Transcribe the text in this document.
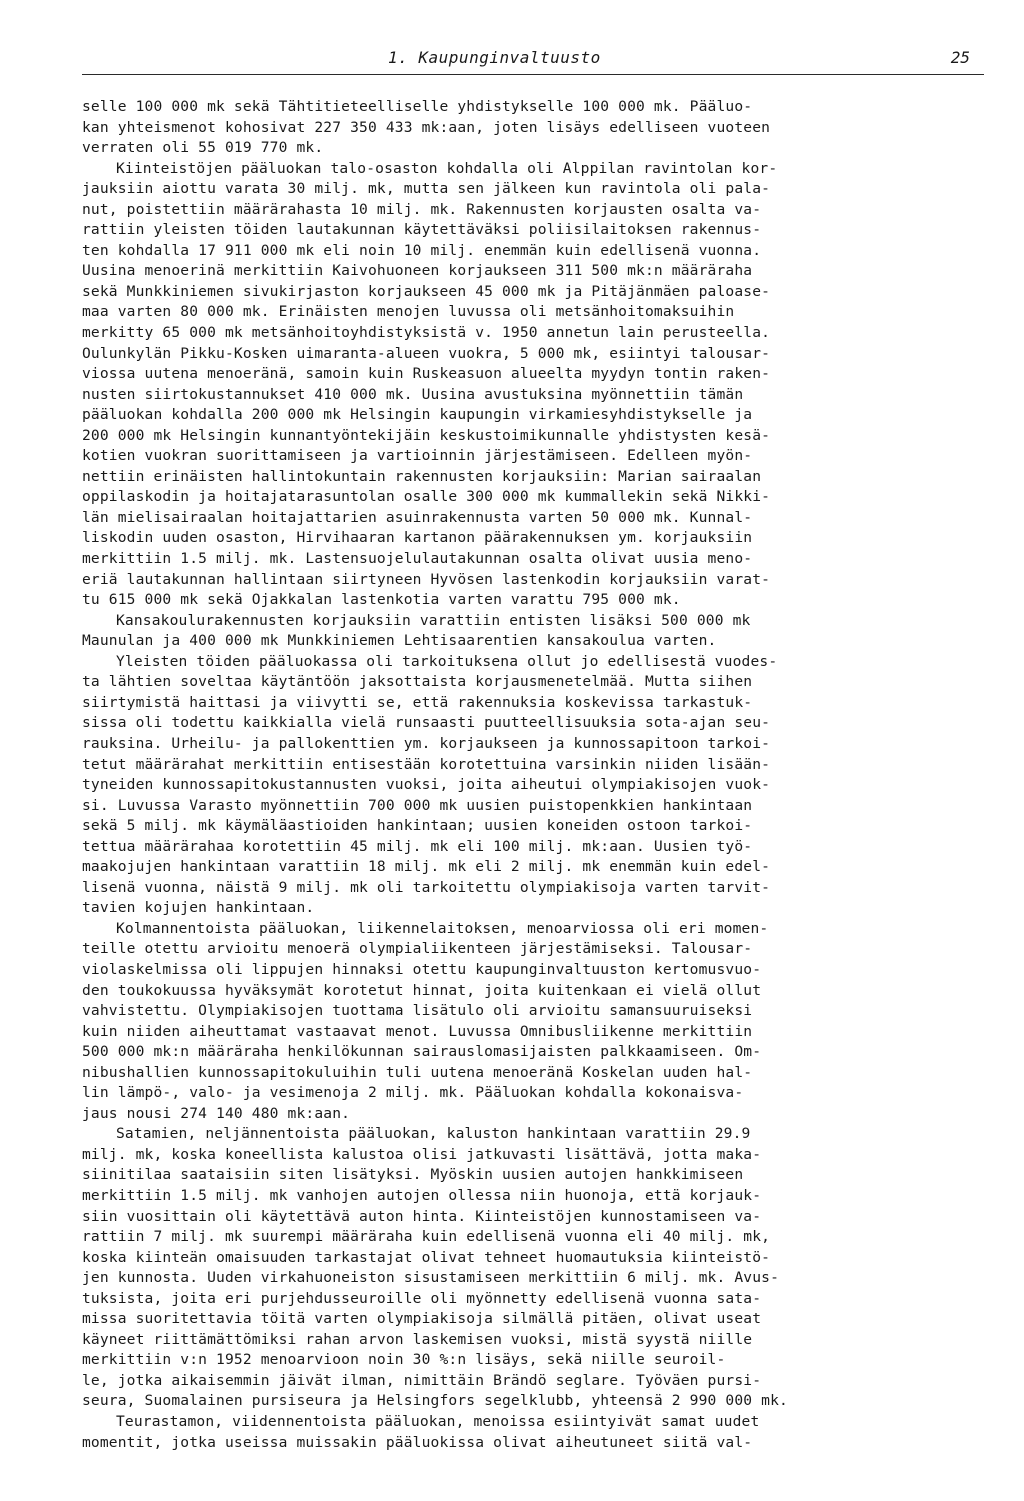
1. Kaupunginvaltuusto	25

selle 100 000 mk sekä Tähtitieteelliselle yhdistykselle 100 000 mk. Pääluo-
kan yhteismenot kohosivat 227 350 433 mk:aan, joten lisäys edelliseen vuoteen
verraten oli 55 019 770 mk.

Kiinteistöjen pääluokan talo-osaston kohdalla oli Alppilan ravintolan kor-
jauksiin aiottu varata 30 milj. mk, mutta sen jälkeen kun ravintola oli pala-
nut, poistettiin määrärahasta 10 milj. mk. Rakennusten korjausten osalta va-
rattiin yleisten töiden lautakunnan käytettäväksi poliisilaitoksen rakennus-
ten kohdalla 17 911 000 mk eli noin 10 milj. enemmän kuin edellisenä vuonna.
Uusina menoerinä merkittiin Kaivohuoneen korjaukseen 311 500 mk:n määräraha
sekä Munkkiniemen sivukirjaston korjaukseen 45 000 mk ja Pitäjänmäen paloase-
maa varten 80 000 mk. Erinäisten menojen luvussa oli metsänhoitomaksuihin
merkitty 65 000 mk metsänhoitoyhdistyksistä v. 1950 annetun lain perusteella.
Oulunkylän Pikku-Kosken uimaranta-alueen vuokra, 5 000 mk, esiintyi talousar-
viossa uutena menoeränä, samoin kuin Ruskeasuon alueelta myydyn tontin raken-
nusten siirtokustannukset 410 000 mk. Uusina avustuksina myönnettiin tämän
pääluokan kohdalla 200 000 mk Helsingin kaupungin virkamiesyhdistykselle ja
200 000 mk Helsingin kunnantyöntekijäin keskustoimikunnalle yhdistysten kesä-
kotien vuokran suorittamiseen ja vartioinnin järjestämiseen. Edelleen myön-
nettiin erinäisten hallintokuntain rakennusten korjauksiin: Marian sairaalan
oppilaskodin ja hoitajatarasuntolan osalle 300 000 mk kummallekin sekä Nikki-
län mielisairaalan hoitajattarien asuinrakennusta varten 50 000 mk. Kunnal-
liskodin uuden osaston, Hirvihaaran kartanon päärakennuksen ym. korjauksiin
merkittiin 1.5 milj. mk. Lastensuojelulautakunnan osalta olivat uusia meno-
eriä lautakunnan hallintaan siirtyneen Hyvösen lastenkodin korjauksiin varat-
tu 615 000 mk sekä Ojakkalan lastenkotia varten varattu 795 000 mk.

Kansakoulurakennusten korjauksiin varattiin entisten lisäksi 500 000 mk
Maunulan ja 400 000 mk Munkkiniemen Lehtisaarentien kansakoulua varten.

Yleisten töiden pääluokassa oli tarkoituksena ollut jo edellisestä vuodes-
ta lähtien soveltaa käytäntöön jaksottaista korjausmenetelmää. Mutta siihen
siirtymistä haittasi ja viivytti se, että rakennuksia koskevissa tarkastuk-
sissa oli todettu kaikkialla vielä runsaasti puutteellisuuksia sota-ajan seu-
rauksina. Urheilu- ja pallokenttien ym. korjaukseen ja kunnossapitoon tarkoi-
tetut määrärahat merkittiin entisestään korotettuina varsinkin niiden lisään-
tyneiden kunnossapitokustannusten vuoksi, joita aiheutui olympiakisojen vuok-
si. Luvussa Varasto myönnettiin 700 000 mk uusien puistopenkkien hankintaan
sekä 5 milj. mk käymäläastioiden hankintaan; uusien koneiden ostoon tarkoi-
tettua määrärahaa korotettiin 45 milj. mk eli 100 milj. mk:aan. Uusien työ-
maakojujen hankintaan varattiin 18 milj. mk eli 2 milj. mk enemmän kuin edel-
lisenä vuonna, näistä 9 milj. mk oli tarkoitettu olympiakisoja varten tarvit-
tavien kojujen hankintaan.

Kolmannentoista pääluokan, liikennelaitoksen, menoarviossa oli eri momen-
teille otettu arvioitu menoerä olympialiikenteen järjestämiseksi. Talousar-
violaskelmissa oli lippujen hinnaksi otettu kaupunginvaltuuston kertomusvuo-
den toukokuussa hyväksymät korotetut hinnat, joita kuitenkaan ei vielä ollut
vahvistettu. Olympiakisojen tuottama lisätulo oli arvioitu samansuuruiseksi
kuin niiden aiheuttamat vastaavat menot. Luvussa Omnibusliikenne merkittiin
500 000 mk:n määräraha henkilökunnan sairauslomasijaisten palkkaamiseen. Om-
nibushallien kunnossapitokuluihin tuli uutena menoeränä Koskelan uuden hal-
lin lämpö-, valo- ja vesimenoja 2 milj. mk. Pääluokan kohdalla kokonaisva-
jaus nousi 274 140 480 mk:aan.

Satamien, neljännentoista pääluokan, kaluston hankintaan varattiin 29.9
milj. mk, koska koneellista kalustoa olisi jatkuvasti lisättävä, jotta maka-
siinitilaa saataisiin siten lisätyksi. Myöskin uusien autojen hankkimiseen
merkittiin 1.5 milj. mk vanhojen autojen ollessa niin huonoja, että korjauk-
siin vuosittain oli käytettävä auton hinta. Kiinteistöjen kunnostamiseen va-
rattiin 7 milj. mk suurempi määräraha kuin edellisenä vuonna eli 40 milj. mk,
koska kiinteän omaisuuden tarkastajat olivat tehneet huomautuksia kiinteistö-
jen kunnosta. Uuden virkahuoneiston sisustamiseen merkittiin 6 milj. mk. Avus-
tuksista, joita eri purjehdusseuroille oli myönnetty edellisenä vuonna sata-
missa suoritettavia töitä varten olympiakisoja silmällä pitäen, olivat useat
käyneet riittämättömiksi rahan arvon laskemisen vuoksi, mistä syystä niille
merkittiin v:n 1952 menoarvioon noin 30 %:n lisäys, sekä niille seuroil-
le, jotka aikaisemmin jäivät ilman, nimittäin Brändö seglare. Työväen pursi-
seura, Suomalainen pursiseura ja Helsingfors segelklubb, yhteensä 2 990 000 mk.

Teurastamon, viidennentoista pääluokan, menoissa esiintyivät samat uudet
momentit, jotka useissa muissakin pääluokissa olivat aiheutuneet siitä val-
